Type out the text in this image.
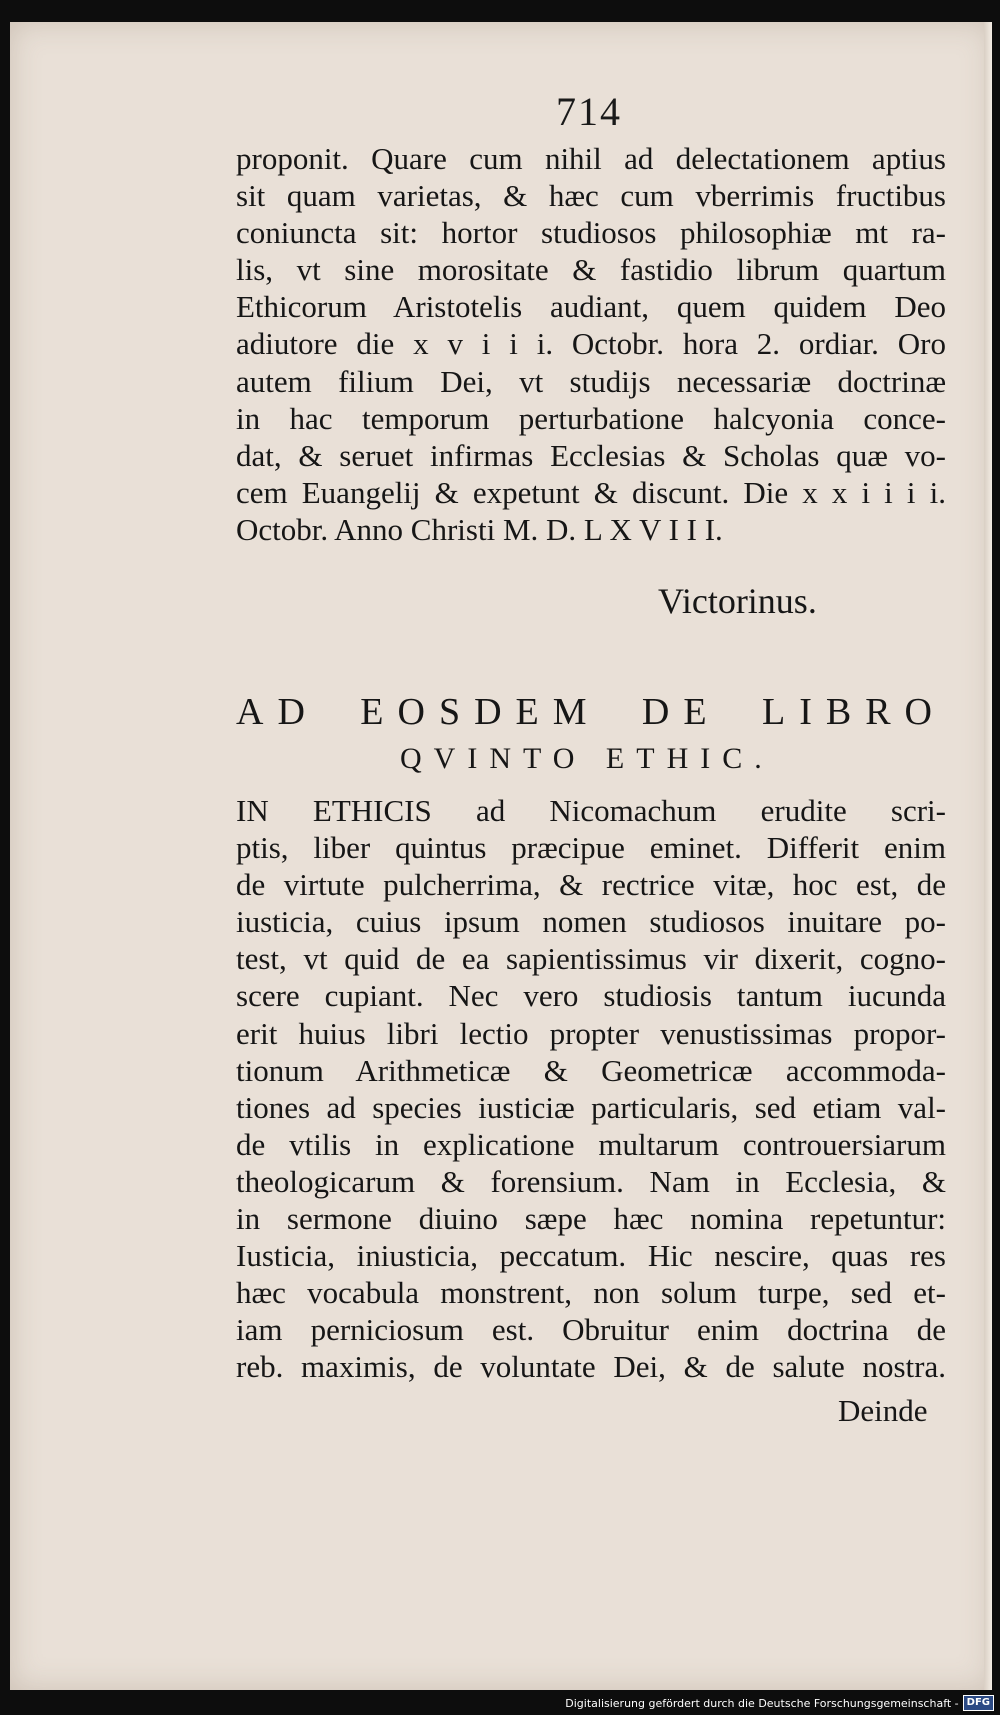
714
proponit. Quare cum nihil ad delectationem aptius
sit quam varietas, & hæc cum vberrimis fructibus
coniuncta sit: hortor studiosos philosophiæ mt ra-
lis, vt sine morositate & fastidio librum quartum
Ethicorum Aristotelis audiant, quem quidem Deo
adiutore die x v i i i. Octobr. hora 2. ordiar. Oro
autem filium Dei, vt studijs necessariæ doctrinæ
in hac temporum perturbatione halcyonia conce-
dat, & seruet infirmas Ecclesias & Scholas quæ vo-
cem Euangelij & expetunt & discunt. Die x x i i i i.
Octobr. Anno Christi M. D. L X V I I I.
Victorinus.
AD EOSDEM DE LIBRO
QVINTO ETHIC.
IN ETHICIS ad Nicomachum erudite scri-
ptis, liber quintus præcipue eminet. Differit enim
de virtute pulcherrima, & rectrice vitæ, hoc est, de
iusticia, cuius ipsum nomen studiosos inuitare po-
test, vt quid de ea sapientissimus vir dixerit, cogno-
scere cupiant. Nec vero studiosis tantum iucunda
erit huius libri lectio propter venustissimas propor-
tionum Arithmeticæ & Geometricæ accommoda-
tiones ad species iusticiæ particularis, sed etiam val-
de vtilis in explicatione multarum controuersiarum
theologicarum & forensium. Nam in Ecclesia, &
in sermone diuino sæpe hæc nomina repetuntur:
Iusticia, iniusticia, peccatum. Hic nescire, quas res
hæc vocabula monstrent, non solum turpe, sed et-
iam perniciosum est. Obruitur enim doctrina de
reb. maximis, de voluntate Dei, & de salute nostra.
Deinde
Digitalisierung gefördert durch die Deutsche Forschungsgemeinschaft - DFG
